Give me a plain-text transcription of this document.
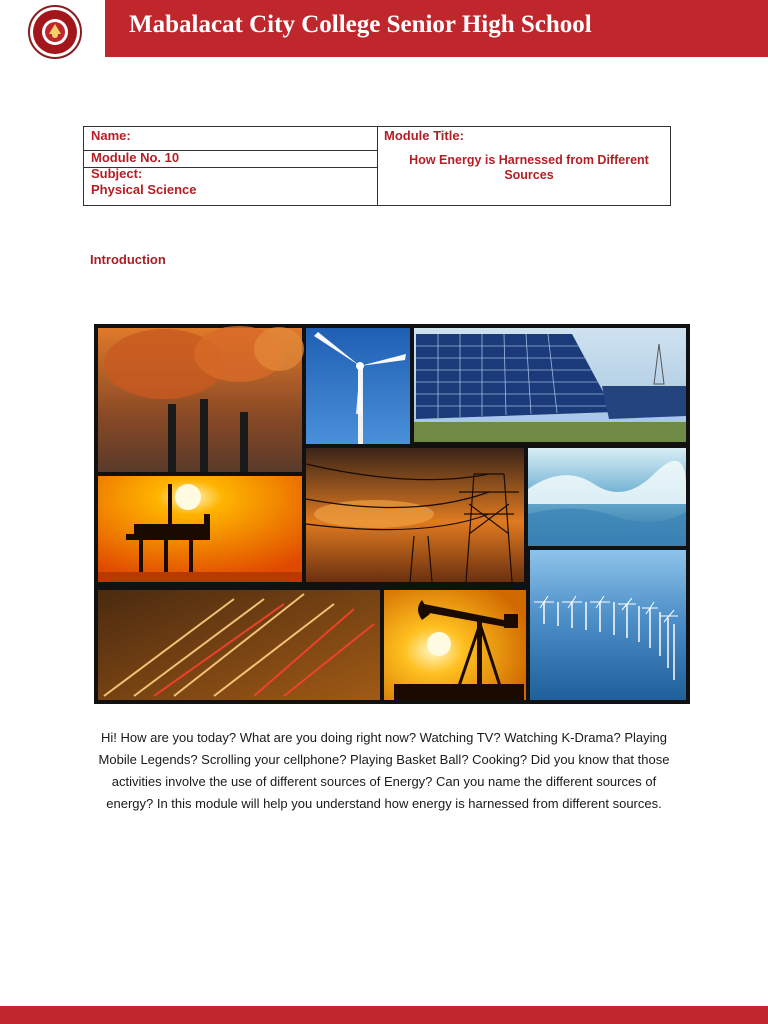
Mabalacat City College Senior High School
Name:
Module No. 10
Subject:
Physical Science
Module Title:
How Energy is Harnessed from Different Sources
Introduction
Hi! How are you today? What are you doing right now? Watching TV? Watching K-Drama? Playing Mobile Legends? Scrolling your cellphone? Playing Basket Ball? Cooking? Did you know that those activities involve the use of different sources of Energy? Can you name the different sources of energy? In this module will help you understand how energy is harnessed from different sources.
